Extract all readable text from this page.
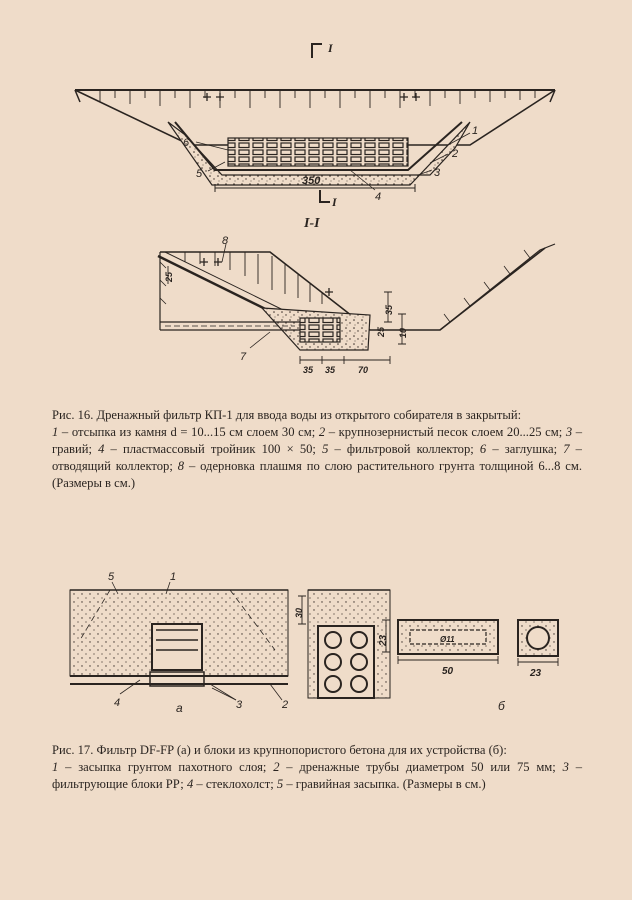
I
350
1
2
3
4
5
6
I
I-I
35 35	70
35
10
25
25
8
7
Рис. 16. Дренажный фильтр КП-1 для ввода воды из открытого собирателя в закрытый:
1 – отсыпка из камня d = 10...15 см слоем 30 см; 2 – крупнозернистый песок слоем 20...25 см; 3 – гравий; 4 – пластмассовый тройник 100 × 50; 5 – фильтровой коллектор; 6 – заглушка; 7 – отводящий коллектор; 8 – одерновка плашмя по слою растительного грунта толщиной 6...8 см. (Размеры в см.)
5	1
4	3	2
а
30
23	Ø11
50	23
б
Рис. 17. Фильтр DF-FP (а) и блоки из крупнопористого бетона для их устройства (б):
1 – засыпка грунтом пахотного слоя; 2 – дренажные трубы диаметром 50 или 75 мм; 3 – фильтрующие блоки РР; 4 – стеклохолст; 5 – гравийная засыпка. (Размеры в см.)
